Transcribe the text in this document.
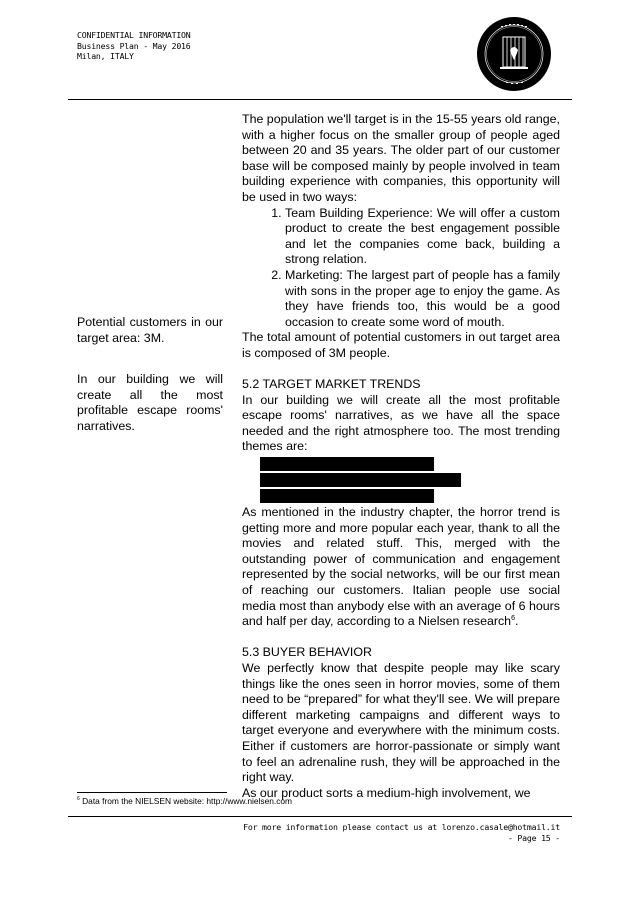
CONFIDENTIAL INFORMATION
Business Plan - May 2016
Milan, ITALY
Potential customers in our target area: 3M.
In our building we will create all the most profitable escape rooms' narratives.

The population we'll target is in the 15-55 years old range, with a higher focus on the smaller group of people aged between 20 and 35 years. The older part of our customer base will be composed mainly by people involved in team building experience with companies, this opportunity will be used in two ways:

1. Team Building Experience: We will offer a custom product to create the best engagement possible and let the companies come back, building a strong relation.
2. Marketing: The largest part of people has a family with sons in the proper age to enjoy the game. As they have friends too, this would be a good occasion to create some word of mouth.

The total amount of potential customers in out target area is composed of 3M people.

5.2 TARGET MARKET TRENDS

In our building we will create all the most profitable escape rooms' narratives, as we have all the space needed and the right atmosphere too. The most trending themes are:

As mentioned in the industry chapter, the horror trend is getting more and more popular each year, thank to all the movies and related stuff. This, merged with the outstanding power of communication and engagement represented by the social networks, will be our first mean of reaching our customers. Italian people use social media most than anybody else with an average of 6 hours and half per day, according to a Nielsen research$^6$.

5.3 BUYER BEHAVIOR

We perfectly know that despite people may like scary things like the ones seen in horror movies, some of them need to be “prepared” for what they'll see. We will prepare different marketing campaigns and different ways to target everyone and everywhere with the minimum costs. Either if customers are horror-passionate or simply want to feel an adrenaline rush, they will be approached in the right way.

As our product sorts a medium-high involvement, we

$^6$ Data from the NIELSEN website: http://www.nielsen.com
For more information please contact us at lorenzo.casale@hotmail.it
- Page 15 -
